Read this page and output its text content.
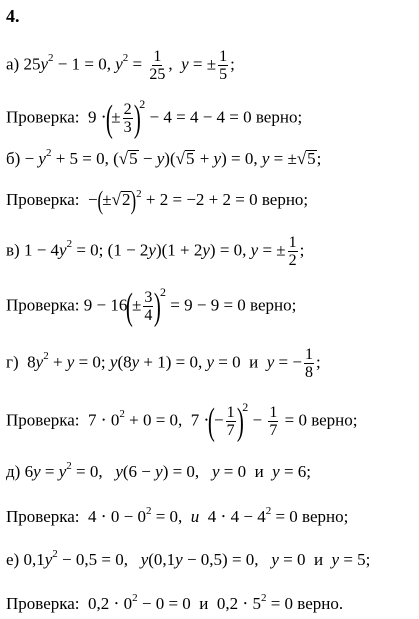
4.
а) $25y^2 - 1 = 0$, $y^2 = \frac{1}{25}$ ,  y = ± $\frac{1}{5}$ ;
Проверка:  9 ⋅(± $\frac{2}{3} )^2 - 4 = 4 - 4 = 0$ верно;
$б) - y^2 + 5 = 0$, (√5 − y)(√5 + y) = 0, y = ±√5;
Проверка:  $-(\pm√2)^2 + 2 = -2 + 2 = 0$ верно;
в) $1 - 4y^2 = 0$; (1 − 2y)(1 + 2y) = 0, y = ± $\frac{1}{2}$ ;
Проверка: $9 - 16(\pm \frac{3}{4} )^2 = 9 - 9 = 0$ верно;
г)  $8y^2 + y = 0$; y(8y + 1) = 0, y = 0  и  y = − $\frac{1}{8}$ ;
Проверка:  $7 \cdot 0^2 + 0 = 0$,  7 ⋅(− $\frac{1}{7} )^2 - \frac{1}{7} = 0$ верно;
д) $6y = y^2 = 0$,   y(6 − y) = 0,   y = 0  и  y = 6;
Проверка:  $4 \cdot 0 - 0^2 = 0$,  и  $4 \cdot 4 - 4^2 = 0$ верно;
е) $0,1y^2 - 0,5 = 0$,   y(0,1y − 0,5) = 0,   y = 0  и  y = 5;
Проверка:  $0,2 \cdot 0^2 - 0 = 0$  и  $0,2 \cdot 5^2 = 0$ верно.
